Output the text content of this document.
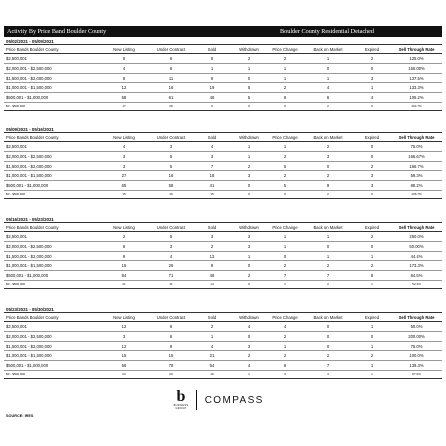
Activity By Price Band Boulder County	Boulder County Residential Detached
05/02/2021 - 05/09/2021
Price Bands Boulder County	New Listing	Under Contract	Sold	Withdrawn	Price Change	Back on Market	Expired	Sell Through Rate
$2,500,001	5	6	5	2	2	1	2	125.0%
$2,000,001 - $2,500,000	4	6	1	1	1	0	0	150.00%
$1,500,001 - $2,000,000	8	11	9	0	1	1	3	137.5%
$1,000,001 - $1,500,000	12	16	19	5	2	4	1	133.3%
$500,001 - $1,000,000	58	61	46	5	8	6	4	105.2%
$0 - $500,000	17	28	6	0	0	2	0	164.7%
05/09/2021 - 05/16/2021
Price Bands Boulder County	New Listing	Under Contract	Sold	Withdrawn	Price Change	Back on Market	Expired	Sell Through Rate
$2,500,001	4	3	4	1	1	2	0	75.0%
$2,000,001 - $2,500,000	3	5	3	1	2	3	0	166.67%
$1,500,001 - $2,000,000	3	5	7	2	5	0	2	166.7%
$1,000,001 - $1,500,000	27	16	18	3	2	2	3	59.3%
$500,001 - $1,000,000	65	58	41	0	5	9	3	89.2%
$0 - $500,000	15	16	15	0	0	2	0	106.7%
05/16/2021 - 05/23/2021
Price Bands Boulder County	New Listing	Under Contract	Sold	Withdrawn	Price Change	Back on Market	Expired	Sell Through Rate
$2,500,001	2	5	3	3	1	1	2	250.0%
$2,000,001 - $2,500,000	6	3	2	3	1	0	0	50.00%
$1,500,001 - $2,000,000	9	4	13	1	0	1	1	44.4%
$1,000,001 - $1,500,000	15	26	9	0	2	2	2	173.3%
$500,001 - $1,000,000	84	71	48	2	7	7	8	84.5%
$0 - $500,000	21	11	14	0	1	2	1	52.4%
05/23/2021 - 05/30/2021
Price Bands Boulder County	New Listing	Under Contract	Sold	Withdrawn	Price Change	Back on Market	Expired	Sell Through Rate
$2,500,001	12	6	2	4	4	0	1	50.0%
$2,000,001 - $2,500,000	3	6	1	0	2	0	0	200.00%
$1,500,001 - $2,000,000	12	9	4	3	1	0	1	75.0%
$1,000,001 - $1,500,000	15	15	21	2	2	2	2	100.0%
$500,001 - $1,000,000	56	78	54	4	6	7	1	139.3%
$0 - $500,000	23	20	16	1	3	3	1	87.0%
b
BURGESS GROUP
COMPASS
SOURCE: IRES
